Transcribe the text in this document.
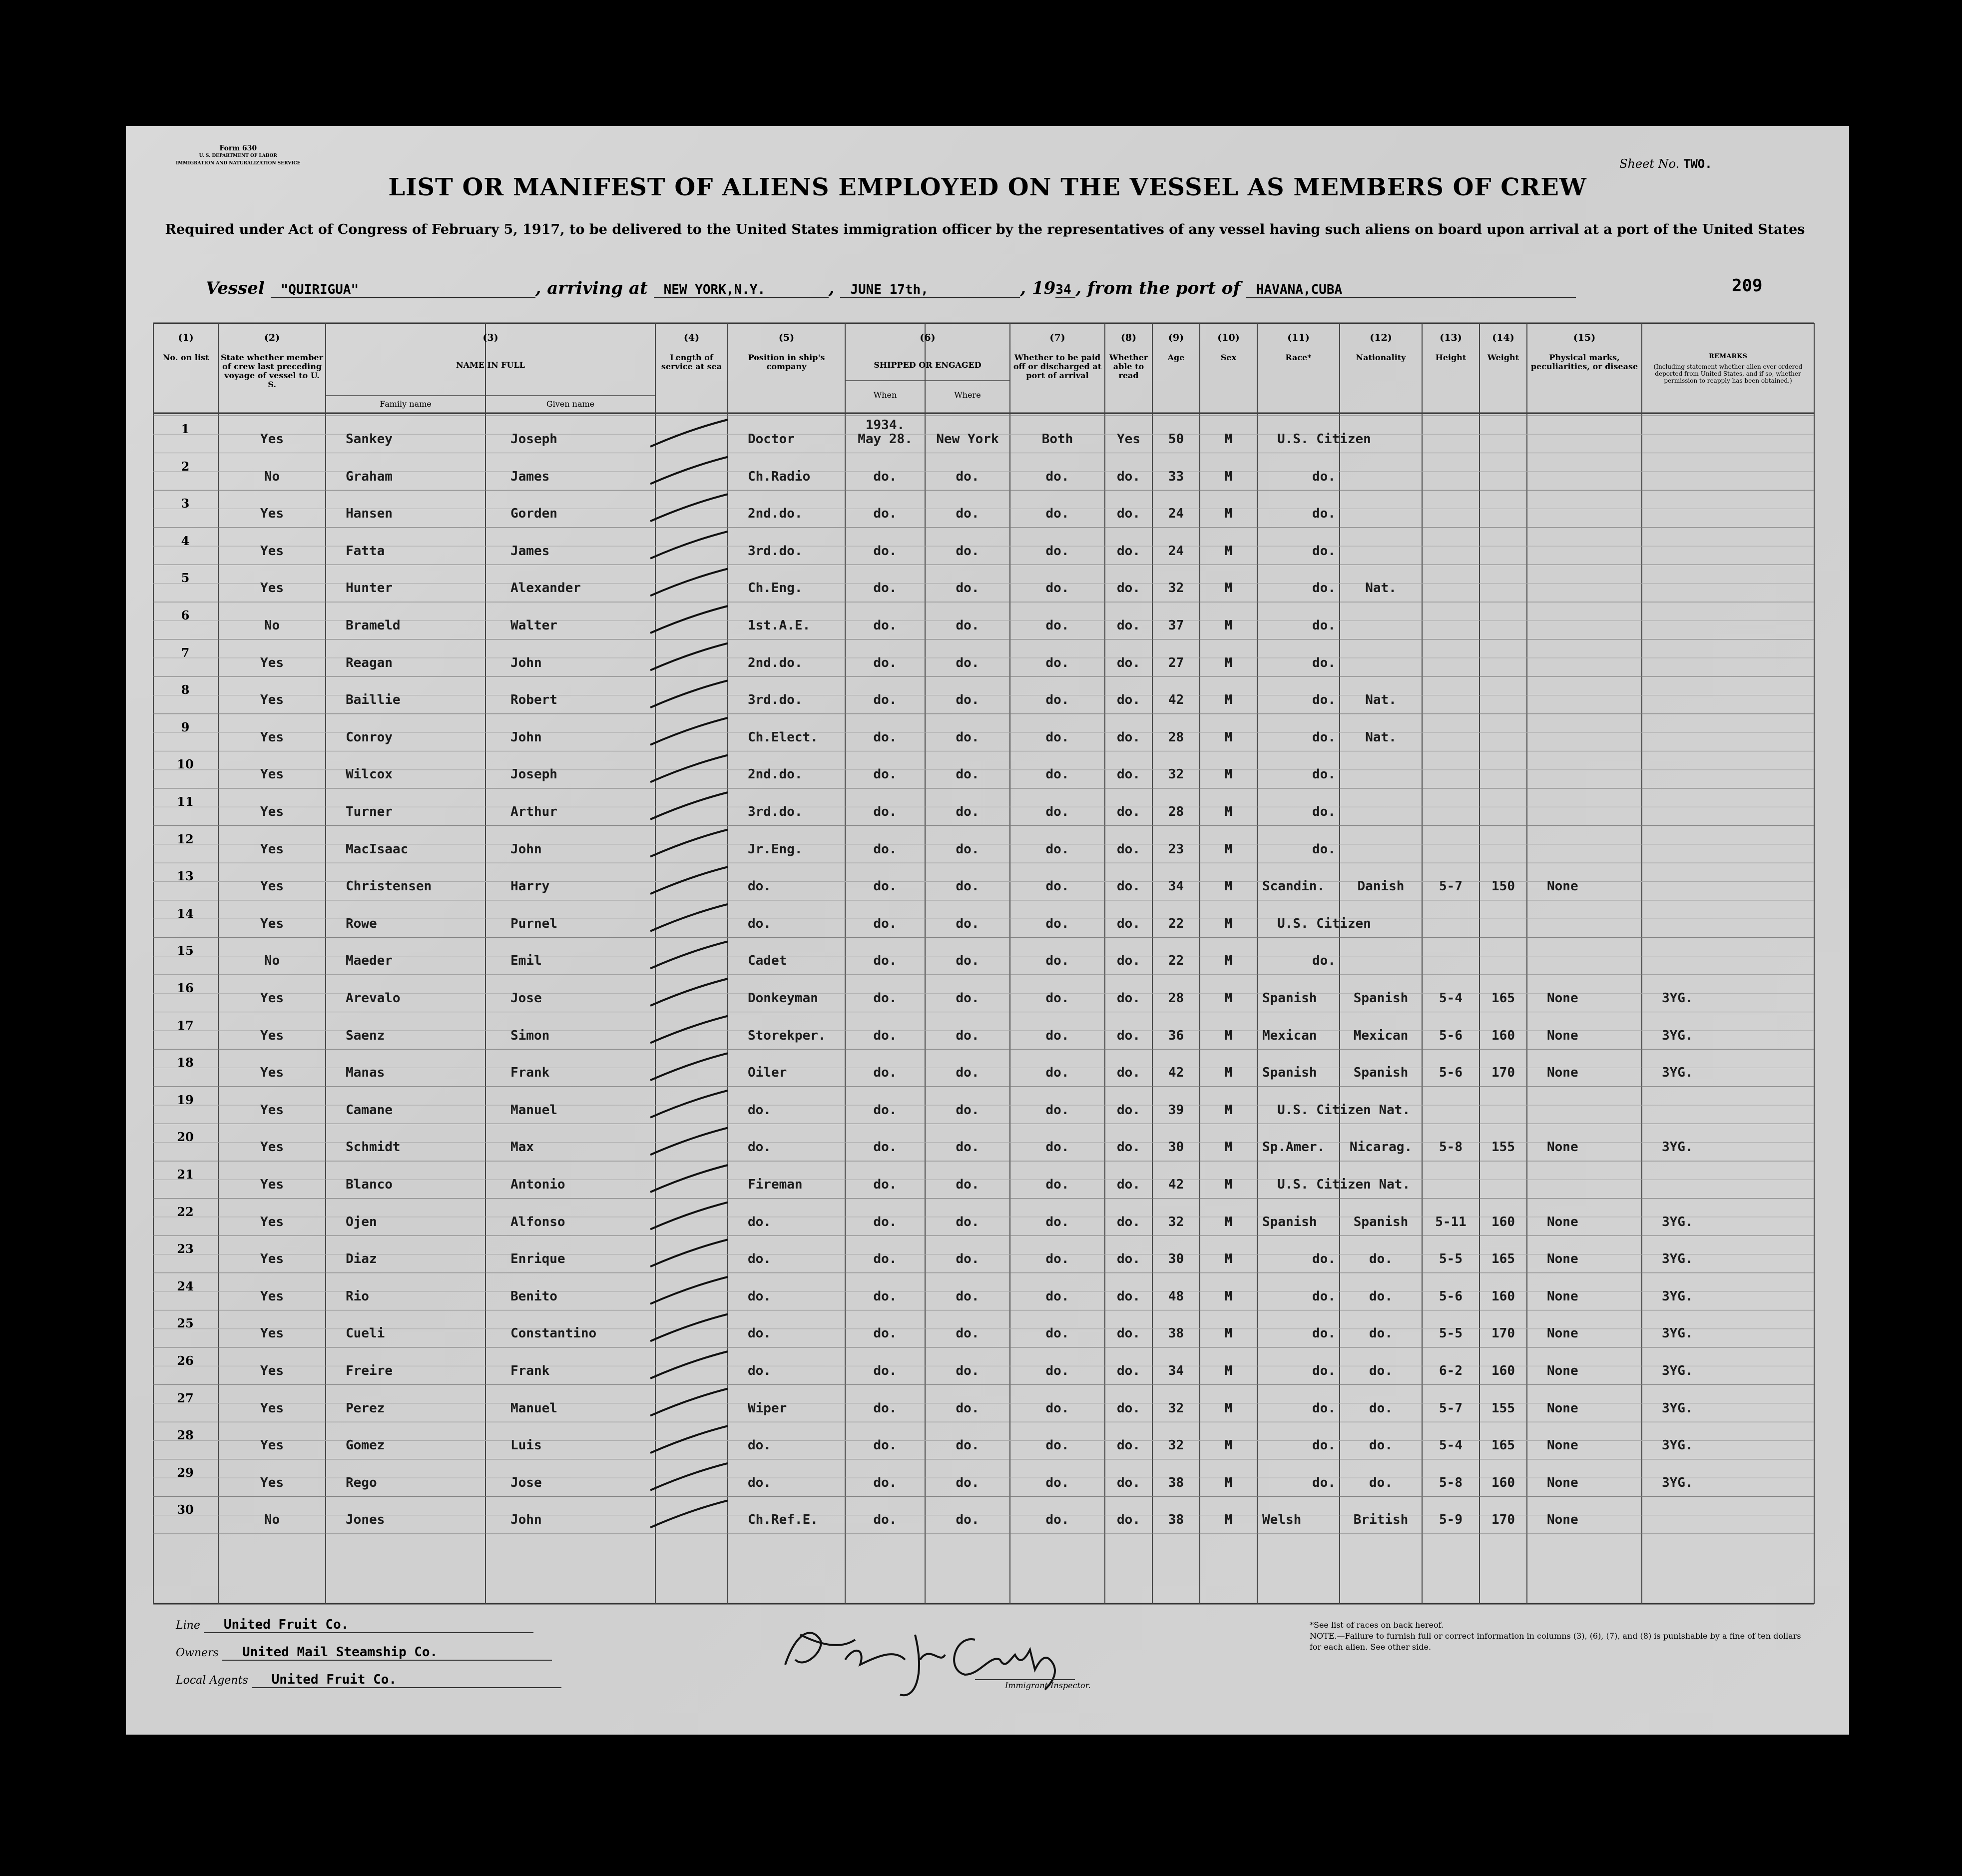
Form 630
U. S. DEPARTMENT OF LABOR
IMMIGRATION AND NATURALIZATION SERVICE	Sheet No. TWO.
LIST OR MANIFEST OF ALIENS EMPLOYED ON THE VESSEL AS MEMBERS OF CREW
Required under Act of Congress of February 5, 1917, to be delivered to the United States immigration officer by the representatives of any vessel having such aliens on board upon arrival at a port of the United States
Vessel "QUIRIGUA"	, arriving at NEW YORK,N.Y.	, JUNE 17th,	, 1934 , from the port of HAVANA,CUBA	209
(1)
No. on list
(2)
State whether member of crew last preceding voyage of vessel to U. S.
(3)
NAME IN FULL
(4)
Length of service at sea
(5)
Position in ship's company
(6)
SHIPPED OR ENGAGED
(7)
Whether to be paid off or discharged at port of arrival
(8)
Whether able to read
(9)
Age
(10)
Sex
(11)
Race*
(12)
Nationality
(13)
Height
(14)
Weight
(15)
Physical marks, peculiarities, or disease
REMARKS
(Including statement whether alien ever ordered deported from United States, and if so, whether permission to reapply has been obtained.)
Family name	Given name
When	Where
1934.
1
Yes	Sankey	Joseph	Doctor	May 28.	New York	Both	Yes	50	M	U.S. Citizen
2
No	Graham	James	Ch.Radio	do.	do.	do.	do.	33	M	do.
3
Yes	Hansen	Gorden	2nd.do.	do.	do.	do.	do.	24	M	do.
4
Yes	Fatta	James	3rd.do.	do.	do.	do.	do.	24	M	do.
5
Yes	Hunter	Alexander	Ch.Eng.	do.	do.	do.	do.	32	M	do.	Nat.
6
No	Brameld	Walter	1st.A.E.	do.	do.	do.	do.	37	M	do.
7
Yes	Reagan	John	2nd.do.	do.	do.	do.	do.	27	M	do.
8
Yes	Baillie	Robert	3rd.do.	do.	do.	do.	do.	42	M	do.	Nat.
9
Yes	Conroy	John	Ch.Elect.	do.	do.	do.	do.	28	M	do.	Nat.
10
Yes	Wilcox	Joseph	2nd.do.	do.	do.	do.	do.	32	M	do.
11
Yes	Turner	Arthur	3rd.do.	do.	do.	do.	do.	28	M	do.
12
Yes	MacIsaac	John	Jr.Eng.	do.	do.	do.	do.	23	M	do.
13
Yes	Christensen	Harry	do.	do.	do.	do.	do.	34	M	Scandin.	Danish	5-7	150	None
14
Yes	Rowe	Purnel	do.	do.	do.	do.	do.	22	M	U.S. Citizen
15
No	Maeder	Emil	Cadet	do.	do.	do.	do.	22	M	do.
16
Yes	Arevalo	Jose	Donkeyman	do.	do.	do.	do.	28	M	Spanish	Spanish	5-4	165	None	3YG.
17
Yes	Saenz	Simon	Storekper.	do.	do.	do.	do.	36	M	Mexican	Mexican	5-6	160	None	3YG.
18
Yes	Manas	Frank	Oiler	do.	do.	do.	do.	42	M	Spanish	Spanish	5-6	170	None	3YG.
19
Yes	Camane	Manuel	do.	do.	do.	do.	do.	39	M	U.S. Citizen Nat.
20
Yes	Schmidt	Max	do.	do.	do.	do.	do.	30	M	Sp.Amer.	Nicarag.	5-8	155	None	3YG.
21
Yes	Blanco	Antonio	Fireman	do.	do.	do.	do.	42	M	U.S. Citizen Nat.
22
Yes	Ojen	Alfonso	do.	do.	do.	do.	do.	32	M	Spanish	Spanish	5-11	160	None	3YG.
23
Yes	Diaz	Enrique	do.	do.	do.	do.	do.	30	M	do.	do.	5-5	165	None	3YG.
24
Yes	Rio	Benito	do.	do.	do.	do.	do.	48	M	do.	do.	5-6	160	None	3YG.
25
Yes	Cueli	Constantino	do.	do.	do.	do.	do.	38	M	do.	do.	5-5	170	None	3YG.
26
Yes	Freire	Frank	do.	do.	do.	do.	do.	34	M	do.	do.	6-2	160	None	3YG.
27
Yes	Perez	Manuel	Wiper	do.	do.	do.	do.	32	M	do.	do.	5-7	155	None	3YG.
28
Yes	Gomez	Luis	do.	do.	do.	do.	do.	32	M	do.	do.	5-4	165	None	3YG.
29
Yes	Rego	Jose	do.	do.	do.	do.	do.	38	M	do.	do.	5-8	160	None	3YG.
30
No	Jones	John	Ch.Ref.E.	do.	do.	do.	do.	38	M	Welsh	British	5-9	170	None
Line United Fruit Co.
Owners United Mail Steamship Co.
Local Agents United Fruit Co.	Immigrant Inspector.
*See list of races on back hereof.
NOTE.—Failure to furnish full or correct information in columns (3), (6), (7), and (8) is punishable by a fine of ten dollars for each alien. See other side.
